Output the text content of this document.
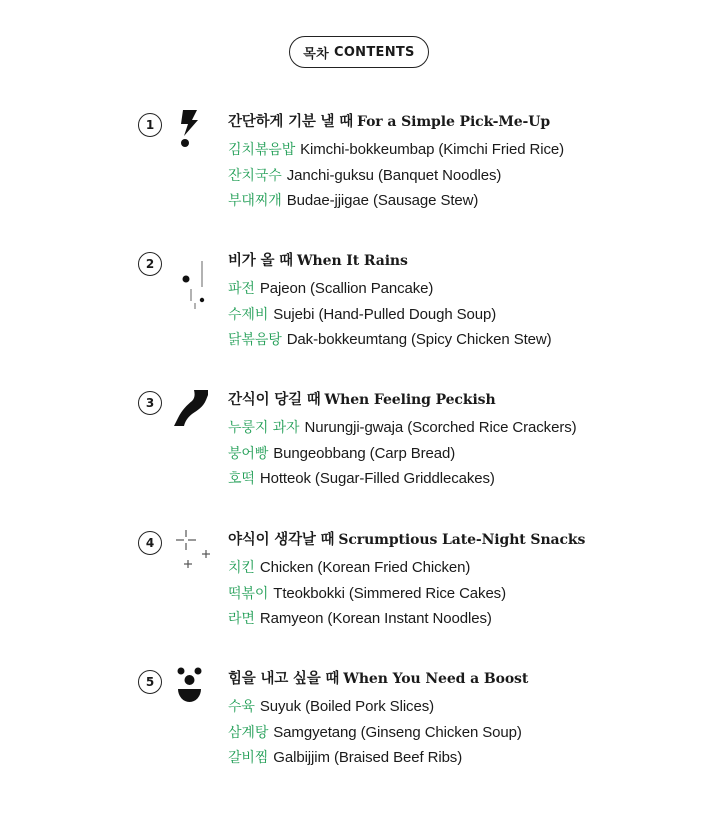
목차 CONTENTS
1	간단하게 기분 낼 때 For a Simple Pick-Me-Up
김치볶음밥 Kimchi-bokkeumbap (Kimchi Fried Rice)
잔치국수 Janchi-guksu (Banquet Noodles)
부대찌개 Budae-jjigae (Sausage Stew)
2	비가 올 때 When It Rains
파전 Pajeon (Scallion Pancake)
수제비 Sujebi (Hand-Pulled Dough Soup)
닭볶음탕 Dak-bokkeumtang (Spicy Chicken Stew)
3	간식이 당길 때 When Feeling Peckish
누룽지 과자 Nurungji-gwaja (Scorched Rice Crackers)
붕어빵 Bungeobbang (Carp Bread)
호떡 Hotteok (Sugar-Filled Griddlecakes)
4	야식이 생각날 때 Scrumptious Late-Night Snacks
치킨 Chicken (Korean Fried Chicken)
떡볶이 Tteokbokki (Simmered Rice Cakes)
라면 Ramyeon (Korean Instant Noodles)
5	힘을 내고 싶을 때 When You Need a Boost
수육 Suyuk (Boiled Pork Slices)
삼계탕 Samgyetang (Ginseng Chicken Soup)
갈비찜 Galbijjim (Braised Beef Ribs)
